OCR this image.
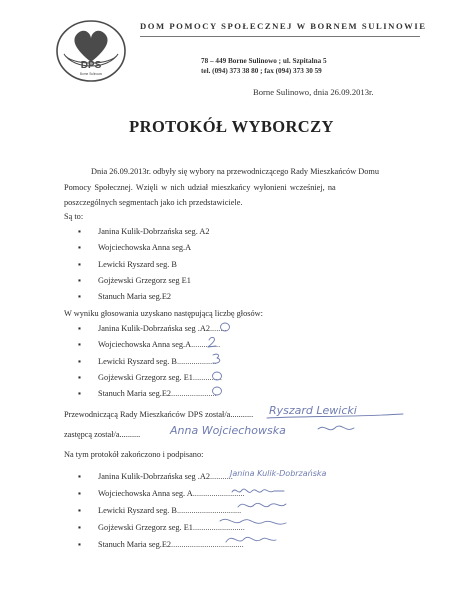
DPS
Borne Sulinowo
DOM POMOCY SPOŁECZNEJ W BORNEM SULINOWIE
78 – 449 Borne Sulinowo ; ul. Szpitalna 5
tel. (094) 373 38 80 ; fax (094) 373 30 59
Borne Sulinowo, dnia 26.09.2013r.
PROTOKÓŁ WYBORCZY
Dnia 26.09.2013r. odbyły się wybory na przewodniczącego Rady Mieszkańców Domu
Pomocy Społecznej. Wzięli w nich udział mieszkańcy wyłonieni wcześniej, na
poszczególnych segmentach jako ich przedstawiciele.
Są to:
▪ Janina Kulik-Dobrzańska seg. A2
▪ Wojciechowska Anna seg.A
▪ Lewicki Ryszard seg. B
▪ Gojżewski Grzegorz seg E1
▪ Stanuch Maria seg.E2
W wyniku głosowania uzyskano następującą liczbę głosów:
▪ Janina Kulik-Dobrzańska seg .A2....
....
▪ Wojciechowska Anna seg.A.......
.......
▪ Lewicki Ryszard seg. B................
...
▪ Gojżewski Grzegorz seg. E1........
......
▪ Stanuch Maria seg.E2...................
...
Przewodniczącą Rady Mieszkańców DPS został/a........... Ryszard Lewicki
zastępcą został/a..........	Anna Wojciechowska
Na tym protokół zakończono i podpisano:
▪ Janina Kulik-Dobrzańska seg .A2...........
▪ Wojciechowska Anna seg. A.........................
▪ Lewicki Ryszard seg. B...............................
▪ Gojżewski Grzegorz seg. E1.........................
▪ Stanuch Maria seg.E2...................................
Janina Kulik-Dobrzańska
